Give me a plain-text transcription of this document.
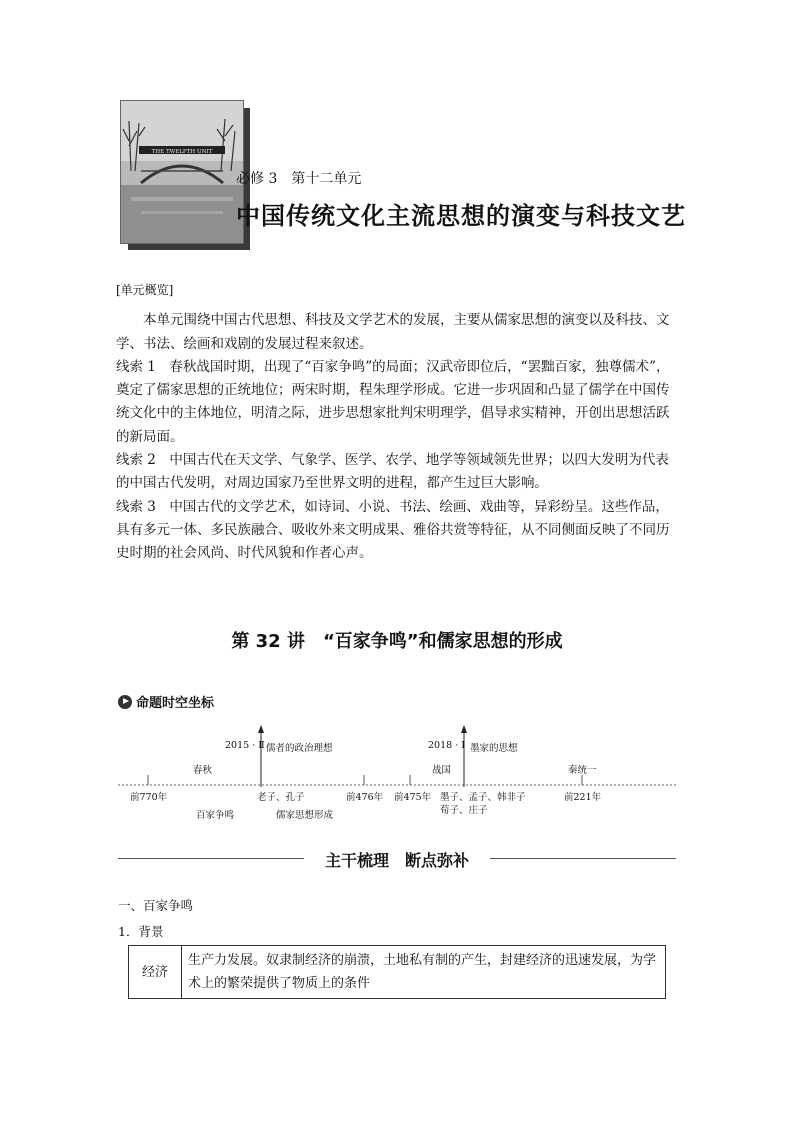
THE TWELFTH UNIT
必修 3　第十二单元
中国传统文化主流思想的演变与科技文艺

[单元概览]

本单元围绕中国古代思想、科技及文学艺术的发展，主要从儒家思想的演变以及科技、文学、书法、绘画和戏剧的发展过程来叙述。

线索 1　春秋战国时期，出现了“百家争鸣”的局面；汉武帝即位后，“罢黜百家，独尊儒术”，奠定了儒家思想的正统地位；两宋时期，程朱理学形成。它进一步巩固和凸显了儒学在中国传统文化中的主体地位，明清之际，进步思想家批判宋明理学，倡导求实精神，开创出思想活跃的新局面。

线索 2　中国古代在天文学、气象学、医学、农学、地学等领域领先世界；以四大发明为代表的中国古代发明，对周边国家乃至世界文明的进程，都产生过巨大影响。

线索 3　中国古代的文学艺术，如诗词、小说、书法、绘画、戏曲等，异彩纷呈。这些作品，具有多元一体、多民族融合、吸收外来文明成果、雅俗共赏等特征，从不同侧面反映了不同历史时期的社会风尚、时代风貌和作者心声。

第 32 讲　“百家争鸣”和儒家思想的形成
命题时空坐标
2015 · Ⅱ 儒者的政治理想	2018 · Ⅰ 墨家的思想
春秋	战国	秦统一
前770年	前476年 前475年	前221年
老子、孔子	墨子、孟子、韩非子
荀子、庄子
百家争鸣	儒家思想形成
主干梳理　断点弥补
一、百家争鸣
1．背景
经济	生产力发展。奴隶制经济的崩溃，土地私有制的产生，封建经济的迅速发展，为学术上的繁荣提供了物质上的条件
